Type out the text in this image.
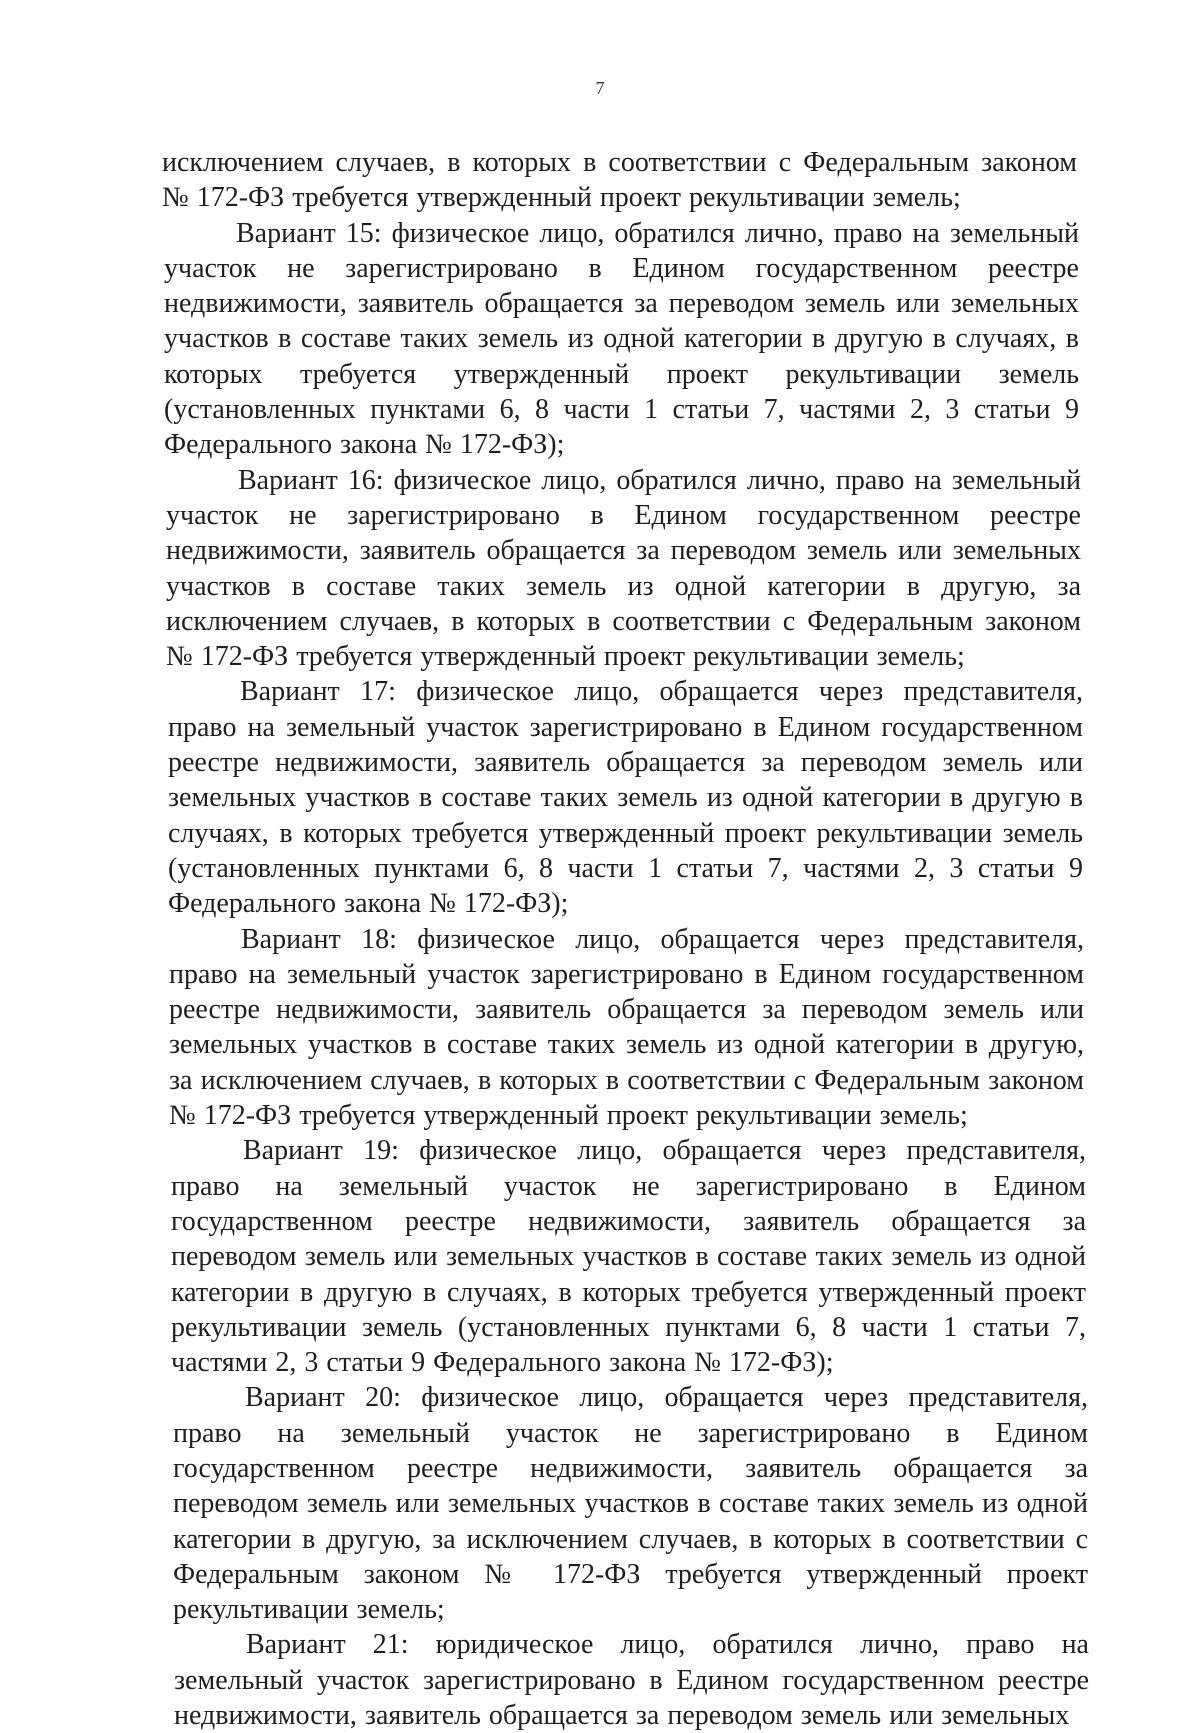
7

исключением случаев, в которых в соответствии с Федеральным законом № 172-ФЗ требуется утвержденный проект рекультивации земель;

Вариант 15: физическое лицо, обратился лично, право на земельный участок не зарегистрировано в Едином государственном реестре недвижимости, заявитель обращается за переводом земель или земельных участков в составе таких земель из одной категории в другую в случаях, в которых требуется утвержденный проект рекультивации земель (установленных пунктами 6, 8 части 1 статьи 7, частями 2, 3 статьи 9 Федерального закона № 172-ФЗ);

Вариант 16: физическое лицо, обратился лично, право на земельный участок не зарегистрировано в Едином государственном реестре недвижимости, заявитель обращается за переводом земель или земельных участков в составе таких земель из одной категории в другую, за исключением случаев, в которых в соответствии с Федеральным законом № 172-ФЗ требуется утвержденный проект рекультивации земель;

Вариант 17: физическое лицо, обращается через представителя, право на земельный участок зарегистрировано в Едином государственном реестре недвижимости, заявитель обращается за переводом земель или земельных участков в составе таких земель из одной категории в другую в случаях, в которых требуется утвержденный проект рекультивации земель (установленных пунктами 6, 8 части 1 статьи 7, частями 2, 3 статьи 9 Федерального закона № 172-ФЗ);

Вариант 18: физическое лицо, обращается через представителя, право на земельный участок зарегистрировано в Едином государственном реестре недвижимости, заявитель обращается за переводом земель или земельных участков в составе таких земель из одной категории в другую, за исключением случаев, в которых в соответствии с Федеральным законом № 172-ФЗ требуется утвержденный проект рекультивации земель;

Вариант 19: физическое лицо, обращается через представителя, право на земельный участок не зарегистрировано в Едином государственном реестре недвижимости, заявитель обращается за переводом земель или земельных участков в составе таких земель из одной категории в другую в случаях, в которых требуется утвержденный проект рекультивации земель (установленных пунктами 6, 8 части 1 статьи 7, частями 2, 3 статьи 9 Федерального закона № 172-ФЗ);

Вариант 20: физическое лицо, обращается через представителя, право на земельный участок не зарегистрировано в Едином государственном реестре недвижимости, заявитель обращается за переводом земель или земельных участков в составе таких земель из одной категории в другую, за исключением случаев, в которых в соответствии с Федеральным законом № 172-ФЗ требуется утвержденный проект рекультивации земель;

Вариант 21: юридическое лицо, обратился лично, право на земельный участок зарегистрировано в Едином государственном реестре недвижимости, заявитель обращается за переводом земель или земельных
